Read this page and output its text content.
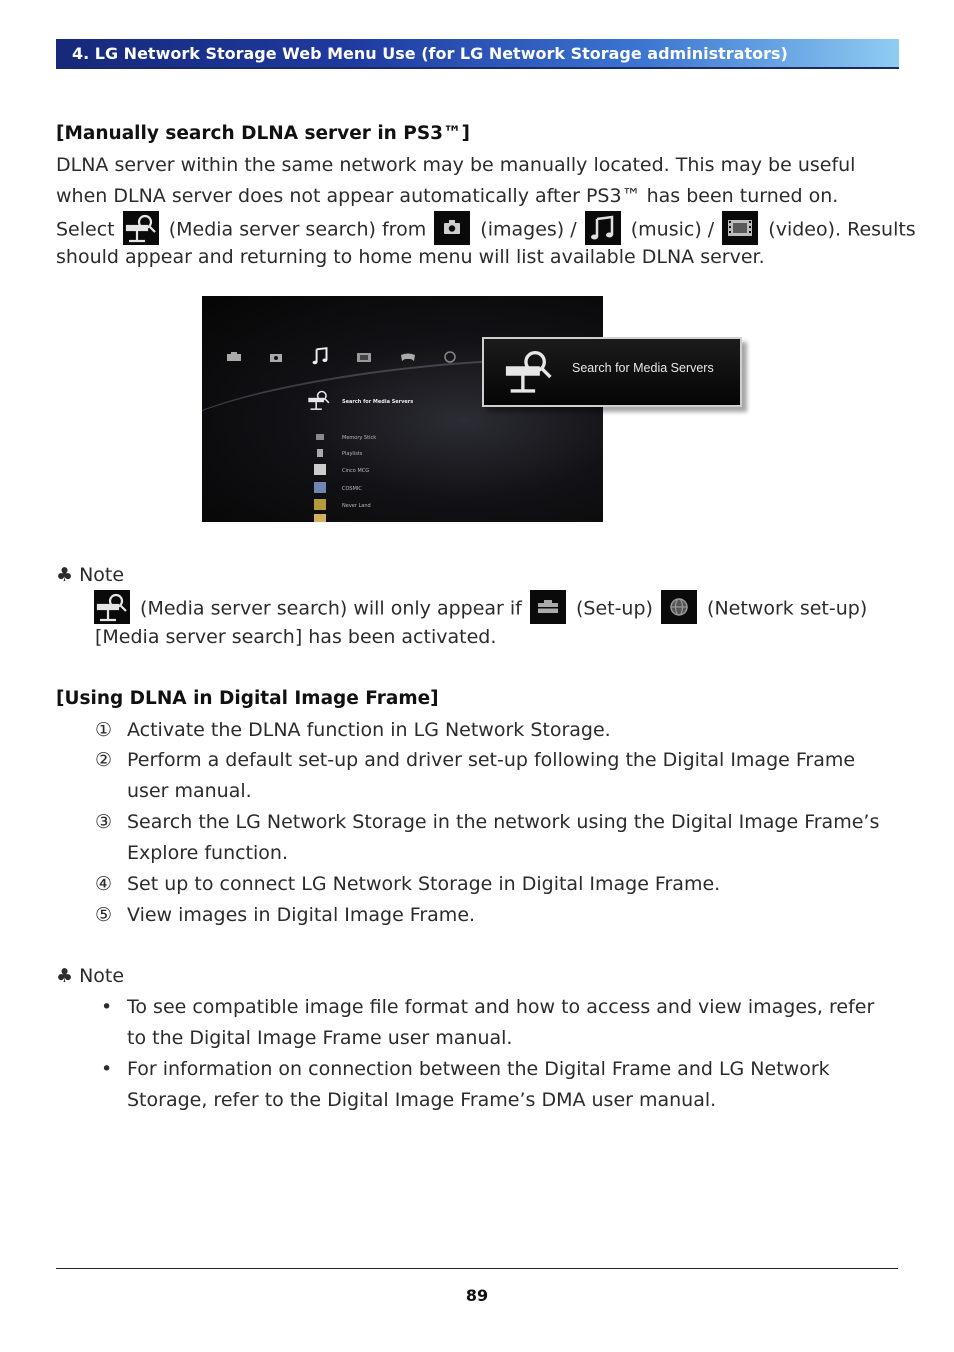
4. LG Network Storage Web Menu Use (for LG Network Storage administrators)
[Manually search DLNA server in PS3™]
DLNA server within the same network may be manually located. This may be useful
when DLNA server does not appear automatically after PS3™ has been turned on.
Select	(Media server search) from	(images) /	(music) /	(video). Results
should appear and returning to home menu will list available DLNA server.
Search for Media Servers
Memory Stick
Playlists
Cinco MCG
COSMIC
Never Land
Search for Media Servers
♣ Note
(Media server search) will only appear if	(Set-up)	(Network set-up)
[Media server search] has been activated.
[Using DLNA in Digital Image Frame]
① Activate the DLNA function in LG Network Storage.
② Perform a default set-up and driver set-up following the Digital Image Frame
user manual.
③ Search the LG Network Storage in the network using the Digital Image Frame’s
Explore function.
④ Set up to connect LG Network Storage in Digital Image Frame.
⑤ View images in Digital Image Frame.
♣ Note
• To see compatible image file format and how to access and view images, refer
to the Digital Image Frame user manual.
• For information on connection between the Digital Frame and LG Network
Storage, refer to the Digital Image Frame’s DMA user manual.
89
